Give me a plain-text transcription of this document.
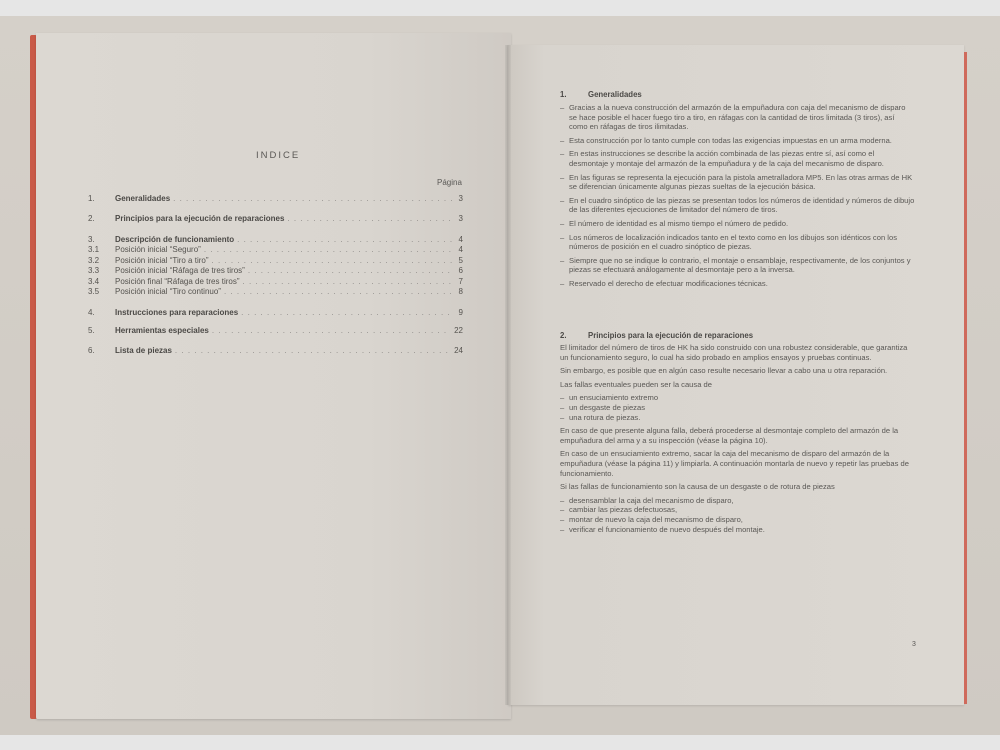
INDICE
Página
1.	Generalidades . . .	3
2.	Principios para la ejecución de reparaciones . . .	3
3.	Descripción de funcionamiento . . .	4
3.1	Posición inicial “Seguro” . . .	4
3.2	Posición inicial “Tiro a tiro” . . .	5
3.3	Posición inicial “Ráfaga de tres tiros” . . .	6
3.4	Posición final “Ráfaga de tres tiros” . . .	7
3.5	Posición inicial “Tiro continuo” . . .	8
4.	Instrucciones para reparaciones . . .	9
5.	Herramientas especiales . . .	22
6.	Lista de piezas . . .	24
1.	Generalidades
– Gracias a la nueva construcción del armazón de la empuñadura con caja del mecanismo de disparo se hace posible el hacer fuego tiro a tiro, en ráfagas con la cantidad de tiros limitada (3 tiros), así como en ráfagas de tiros ilimitadas.
– Esta construcción por lo tanto cumple con todas las exigencias impuestas en un arma moderna.
– En estas instrucciones se describe la acción combinada de las piezas entre sí, así como el desmontaje y montaje del armazón de la empuñadura y de la caja del mecanismo de disparo.
– En las figuras se representa la ejecución para la pistola ametralladora MP5. En las otras armas de HK se diferencian únicamente algunas piezas sueltas de la ejecución básica.
– En el cuadro sinóptico de las piezas se presentan todos los números de identidad y números de dibujo de las diferentes ejecuciones de limitador del número de tiros.
– El número de identidad es al mismo tiempo el número de pedido.
– Los números de localización indicados tanto en el texto como en los dibujos son idénticos con los números de posición en el cuadro sinóptico de piezas.
– Siempre que no se indique lo contrario, el montaje o ensamblaje, respectivamente, de los conjuntos y piezas se efectuará análogamente al desmontaje pero a la inversa.
– Reservado el derecho de efectuar modificaciones técnicas.
2.	Principios para la ejecución de reparaciones

El limitador del número de tiros de HK ha sido construido con una robustez considerable, que garantiza un funcionamiento seguro, lo cual ha sido probado en amplios ensayos y pruebas continuas.

Sin embargo, es posible que en algún caso resulte necesario llevar a cabo una u otra reparación.

Las fallas eventuales pueden ser la causa de

– un ensuciamiento extremo
– un desgaste de piezas
– una rotura de piezas.

En caso de que presente alguna falla, deberá procederse al desmontaje completo del armazón de la empuñadura del arma y a su inspección (véase la página 10).

En caso de un ensuciamiento extremo, sacar la caja del mecanismo de disparo del armazón de la empuñadura (véase la página 11) y limpiarla. A continuación montarla de nuevo y repetir las pruebas de funcionamiento.

Si las fallas de funcionamiento son la causa de un desgaste o de rotura de piezas

– desensamblar la caja del mecanismo de disparo,
– cambiar las piezas defectuosas,
– montar de nuevo la caja del mecanismo de disparo,
– verificar el funcionamiento de nuevo después del montaje.
3
